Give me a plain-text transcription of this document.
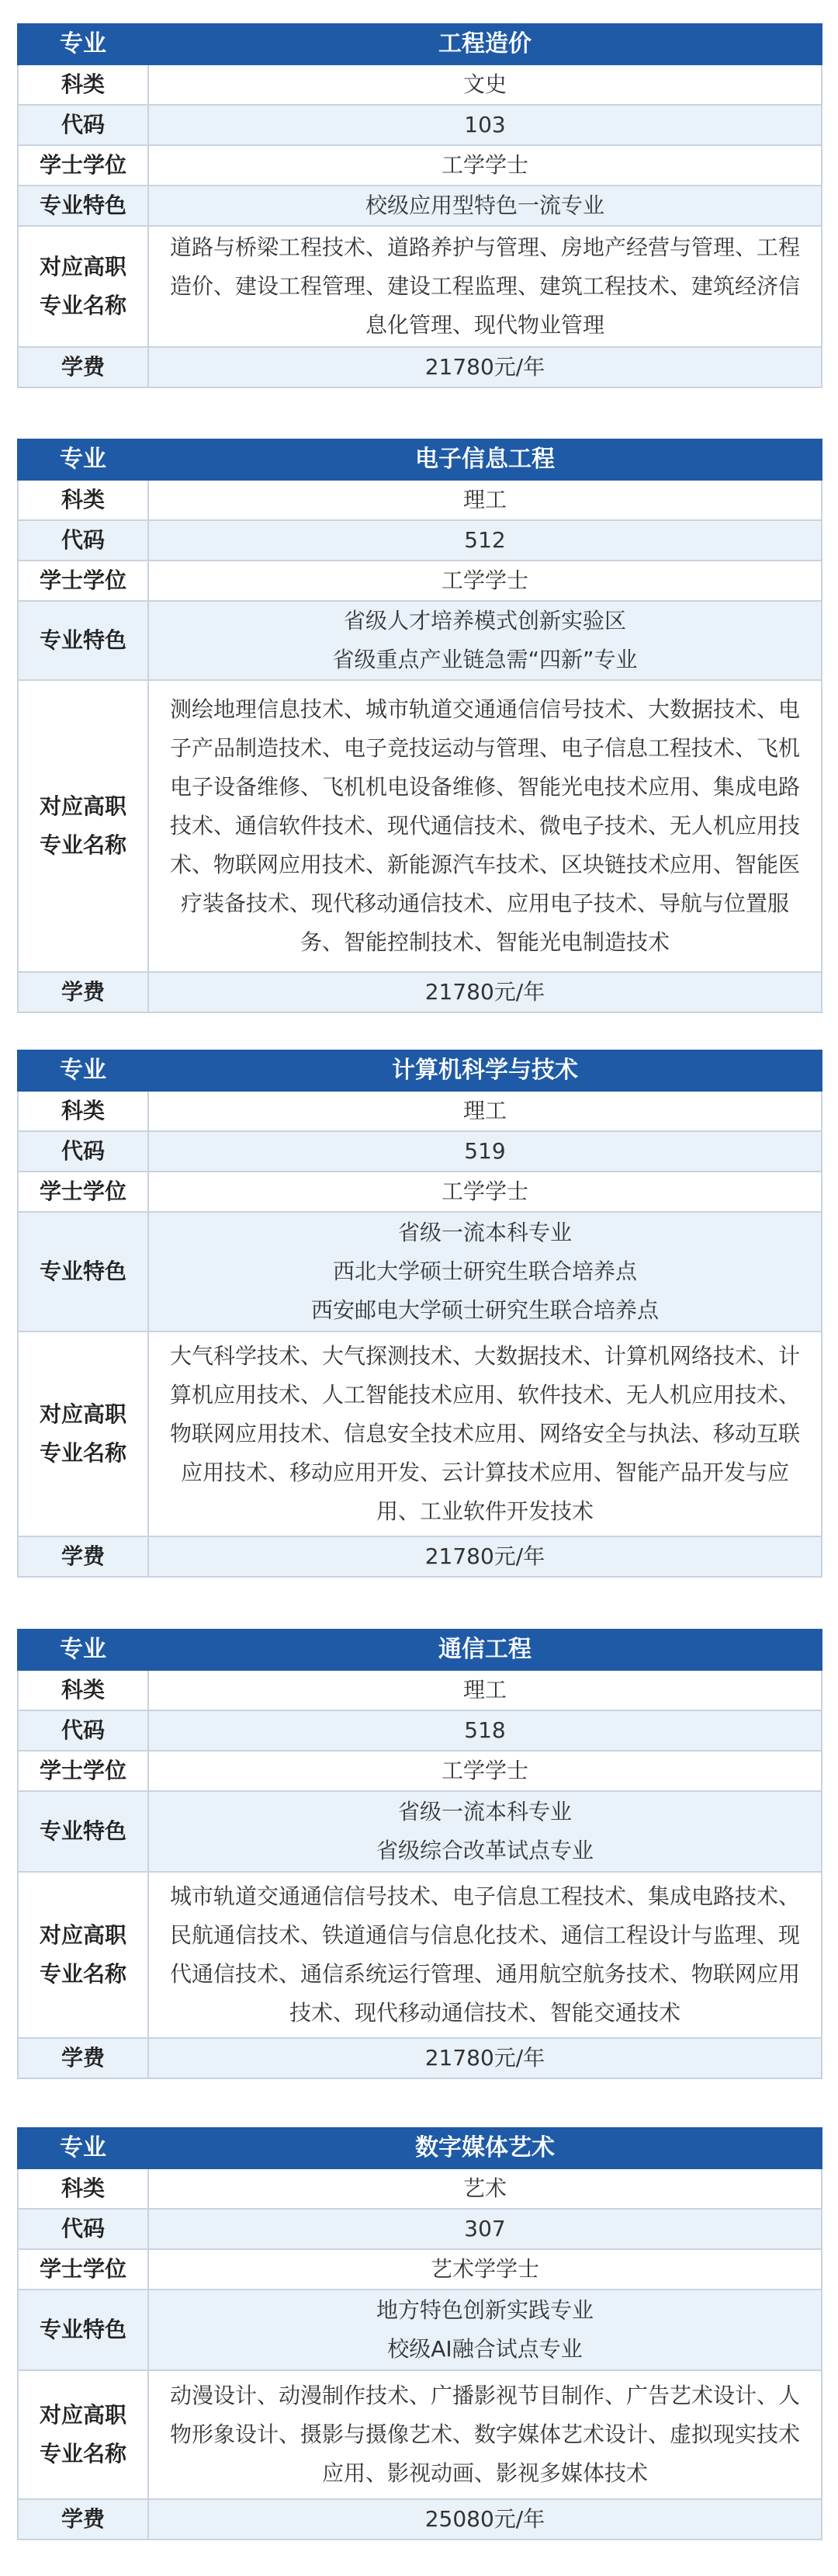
专业	工程造价
科类	文史
代码	103
学士学位	工学学士
专业特色	校级应用型特色一流专业

对应高职
专业名称	道路与桥梁工程技术、道路养护与管理、房地产经营与管理、工程造价、建设工程管理、建设工程监理、建筑工程技术、建筑经济信息化管理、现代物业管理

学费	21780元/年
专业	电子信息工程
科类	理工
代码	512
学士学位	工学学士
专业特色	省级人才培养模式创新实验区
省级重点产业链急需“四新”专业

对应高职
专业名称	测绘地理信息技术、城市轨道交通通信信号技术、大数据技术、电子产品制造技术、电子竞技运动与管理、电子信息工程技术、飞机电子设备维修、飞机机电设备维修、智能光电技术应用、集成电路技术、通信软件技术、现代通信技术、微电子技术、无人机应用技术、物联网应用技术、新能源汽车技术、区块链技术应用、智能医疗装备技术、现代移动通信技术、应用电子技术、导航与位置服务、智能控制技术、智能光电制造技术

学费	21780元/年
专业	计算机科学与技术
科类	理工
代码	519
学士学位	工学学士
专业特色	省级一流本科专业
西北大学硕士研究生联合培养点
西安邮电大学硕士研究生联合培养点

对应高职
专业名称	大气科学技术、大气探测技术、大数据技术、计算机网络技术、计算机应用技术、人工智能技术应用、软件技术、无人机应用技术、物联网应用技术、信息安全技术应用、网络安全与执法、移动互联应用技术、移动应用开发、云计算技术应用、智能产品开发与应用、工业软件开发技术

学费	21780元/年
专业	通信工程
科类	理工
代码	518
学士学位	工学学士
专业特色	省级一流本科专业
省级综合改革试点专业

对应高职
专业名称	城市轨道交通通信信号技术、电子信息工程技术、集成电路技术、民航通信技术、铁道通信与信息化技术、通信工程设计与监理、现代通信技术、通信系统运行管理、通用航空航务技术、物联网应用技术、现代移动通信技术、智能交通技术

学费	21780元/年
专业	数字媒体艺术
科类	艺术
代码	307
学士学位	艺术学学士
专业特色	地方特色创新实践专业
校级AI融合试点专业

对应高职
专业名称	动漫设计、动漫制作技术、广播影视节目制作、广告艺术设计、人物形象设计、摄影与摄像艺术、数字媒体艺术设计、虚拟现实技术应用、影视动画、影视多媒体技术

学费	25080元/年
